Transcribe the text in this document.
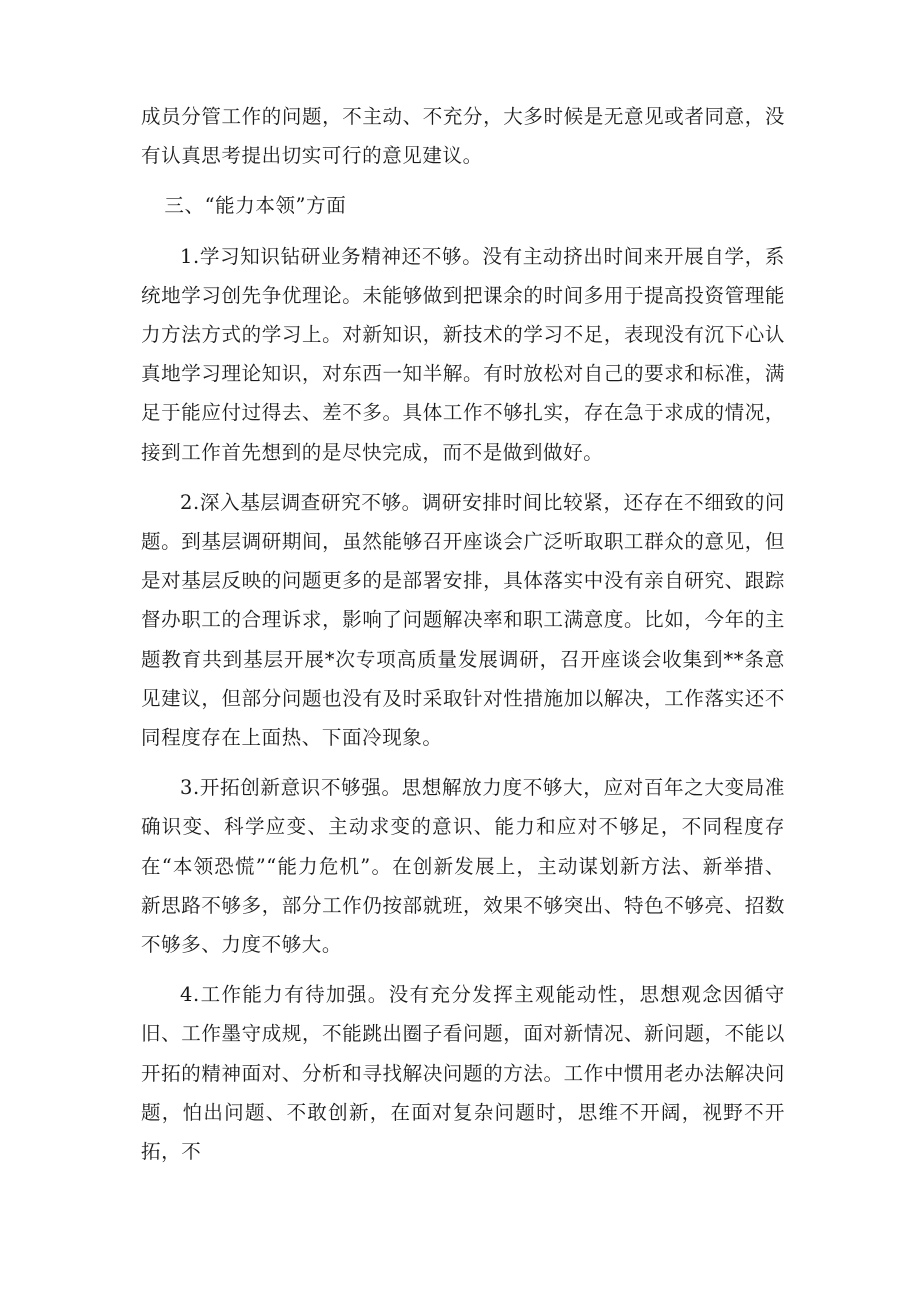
成员分管工作的问题，不主动、不充分，大多时候是无意见或者同意，没有认真思考提出切实可行的意见建议。

三、“能力本领”方面

1.学习知识钻研业务精神还不够。没有主动挤出时间来开展自学，系统地学习创先争优理论。未能够做到把课余的时间多用于提高投资管理能力方法方式的学习上。对新知识，新技术的学习不足，表现没有沉下心认真地学习理论知识，对东西一知半解。有时放松对自己的要求和标准，满足于能应付过得去、差不多。具体工作不够扎实，存在急于求成的情况，接到工作首先想到的是尽快完成，而不是做到做好。

2.深入基层调查研究不够。调研安排时间比较紧，还存在不细致的问题。到基层调研期间，虽然能够召开座谈会广泛听取职工群众的意见，但是对基层反映的问题更多的是部署安排，具体落实中没有亲自研究、跟踪督办职工的合理诉求，影响了问题解决率和职工满意度。比如，今年的主题教育共到基层开展*次专项高质量发展调研，召开座谈会收集到**条意见建议，但部分问题也没有及时采取针对性措施加以解决，工作落实还不同程度存在上面热、下面冷现象。

3.开拓创新意识不够强。思想解放力度不够大，应对百年之大变局准确识变、科学应变、主动求变的意识、能力和应对不够足，不同程度存在“本领恐慌”“能力危机”。在创新发展上，主动谋划新方法、新举措、新思路不够多，部分工作仍按部就班，效果不够突出、特色不够亮、招数不够多、力度不够大。

4.工作能力有待加强。没有充分发挥主观能动性，思想观念因循守旧、工作墨守成规，不能跳出圈子看问题，面对新情况、新问题，不能以开拓的精神面对、分析和寻找解决问题的方法。工作中惯用老办法解决问题，怕出问题、不敢创新，在面对复杂问题时，思维不开阔，视野不开拓，不
